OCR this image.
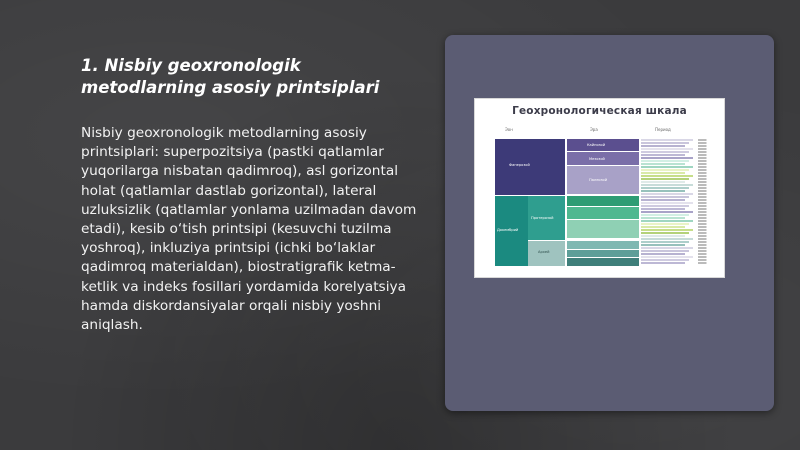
1. Nisbiy geoxronologik metodlarning asosiy printsiplari
Nisbiy geoxronologik metodlarning asosiy printsiplari: superpozitsiya (pastki qatlamlar yuqorilarga nisbatan qadimroq), asl gorizontal holat (qatlamlar dastlab gorizontal), lateral uzluksizlik (qatlamlar yonlama uzilmadan davom etadi), kesib o‘tish printsipi (kesuvchi tuzilma yoshroq), inkluziya printsipi (ichki bo‘laklar qadimroq materialdan), biostratigrafik ketma-ketlik va indeks fosillari yordamida korelyatsiya hamda diskordansiyalar orqali nisbiy yoshni aniqlash.
Геохронологическая шкала
Эон	Эра	Период
Фанерозой
Докембрий
Протерозой
Архей
Кайнозой
Мезозой
Палеозой
